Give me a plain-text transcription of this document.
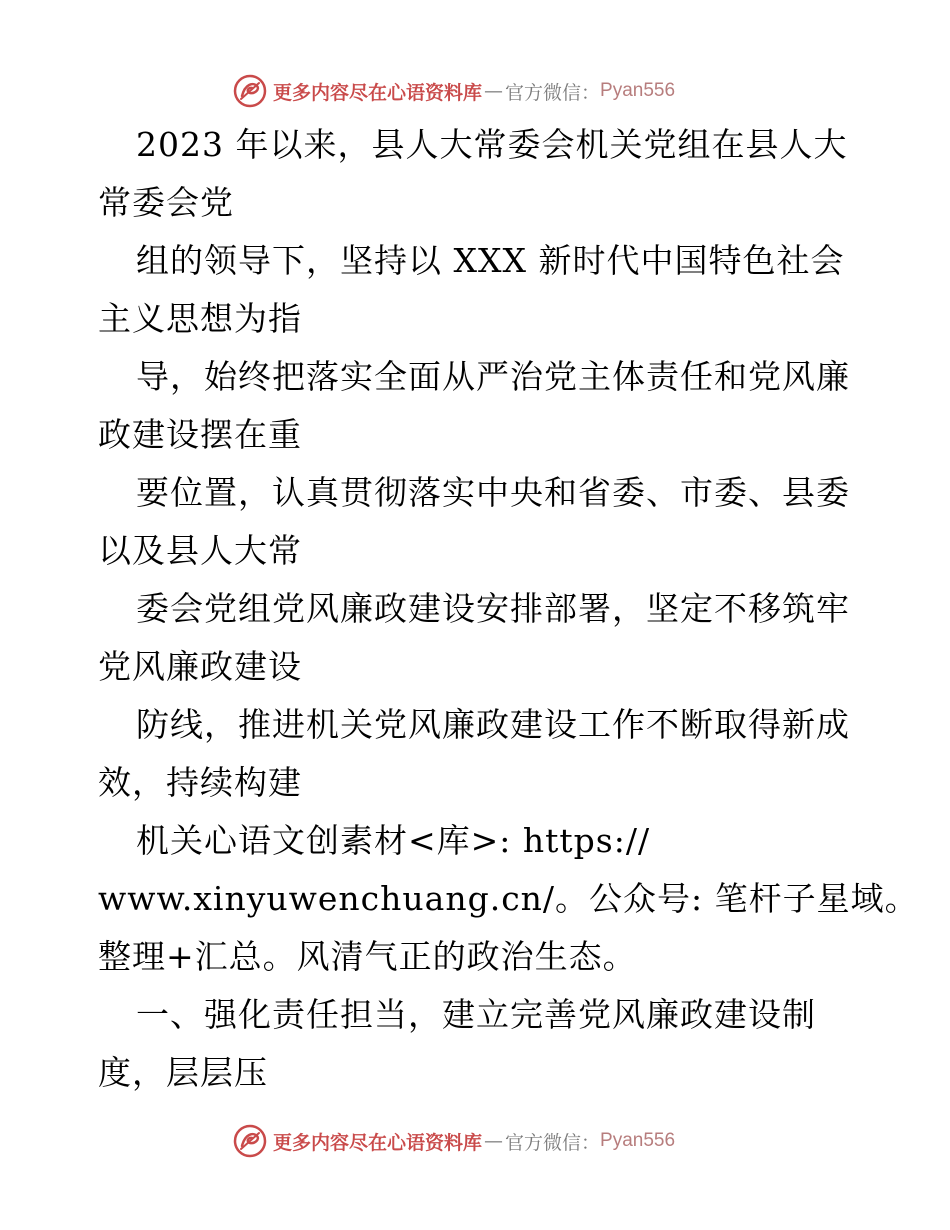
更多内容尽在心语资料库 — 官方微信： Pyan556
2023 年以来，县人大常委会机关党组在县人大
常委会党
组的领导下，坚持以 XXX 新时代中国特色社会
主义思想为指
导，始终把落实全面从严治党主体责任和党风廉
政建设摆在重
要位置，认真贯彻落实中央和省委、市委、县委
以及县人大常
委会党组党风廉政建设安排部署，坚定不移筑牢
党风廉政建设
防线，推进机关党风廉政建设工作不断取得新成
效，持续构建
机关心语文创素材<库>: https://
www.xinyuwenchuang.cn/。公众号: 笔杆子星域。
整理+汇总。风清气正的政治生态。
一、强化责任担当，建立完善党风廉政建设制
度，层层压
更多内容尽在心语资料库 — 官方微信： Pyan556
